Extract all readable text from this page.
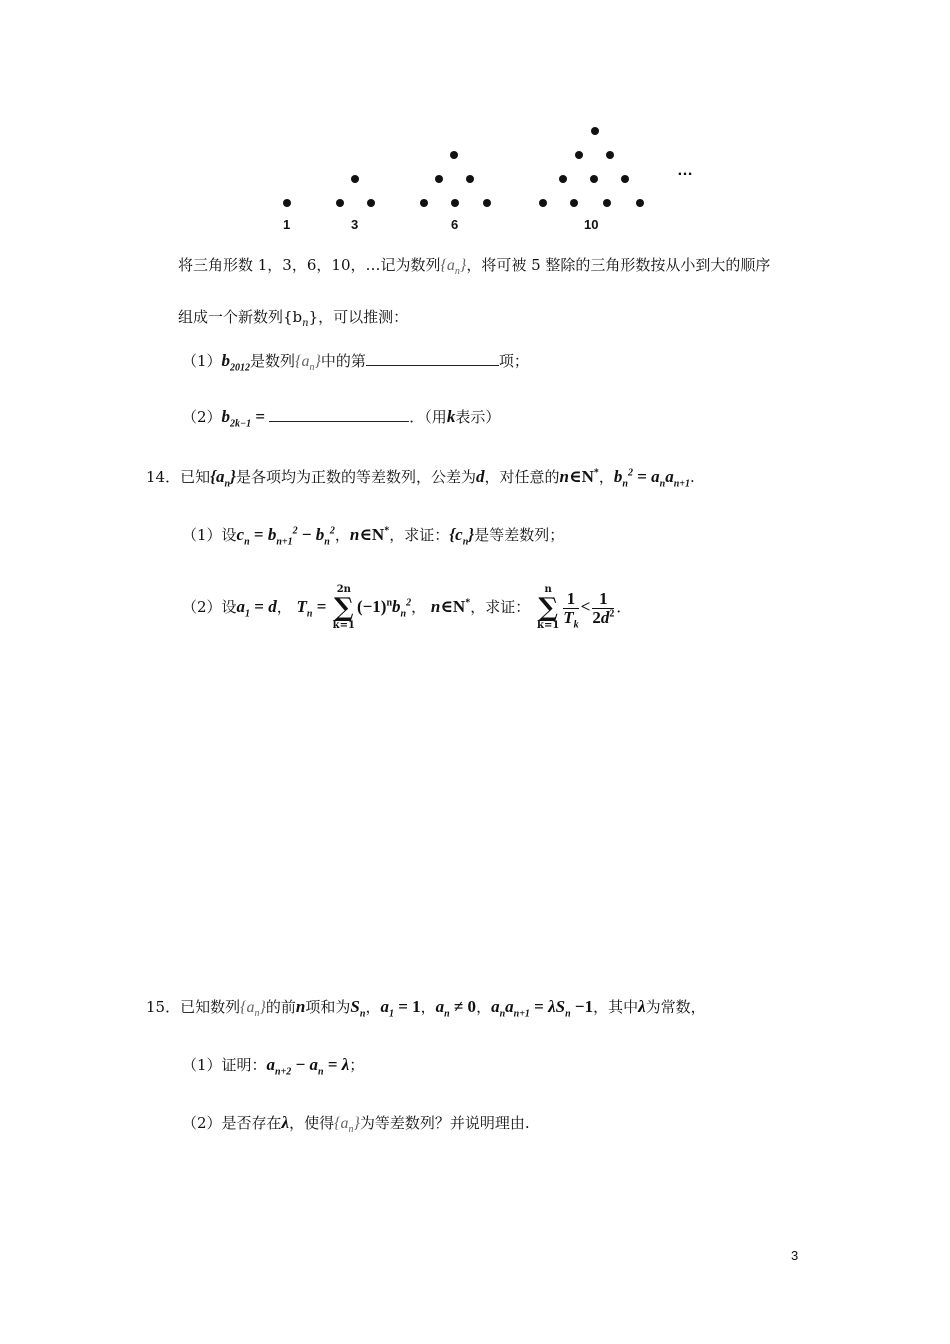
1	3	6	10
…
将三角形数 1，3，6，10，…记为数列$\{a_n\}$，将可被 5 整除的三角形数按从小到大的顺序
组成一个新数列$\{b_n\}$，可以推测：
$(1)b_{2012}$是数列$\{a_n\}$中的第	项；
$(2)b_{2k-1}$ =	．（用k表示）
14．已知$\{a_n\}$是各项均为正数的等差数列，公差为d，对任意的n∈N*，$b_n^2 = a_na_{n+1}$.
（1）设$c_n = b_{n+1}^2 - b_n^2$，n∈N*，求证：$\{c_n\}$是等差数列；
（2）设$a_1 = d$， $T_n$ =
2n
∑
k=1
$(-1)^nb_n^2$， n∈N*，求证：
n
∑
$k=1 \frac{1}{T_k} < \frac{1}{2d^2}$ ．
15．已知数列$\{a_n\}$的前n项和为$S_n$，$a_1 = 1$，$a_n \ne 0$，$a_na_{n+1} = \lambda S_n -1$，其中λ为常数，
（1）证明：$a_{n+2} - a_n = \lambda$；
（2）是否存在λ，使得$\{a_n\}$为等差数列？并说明理由.
3
